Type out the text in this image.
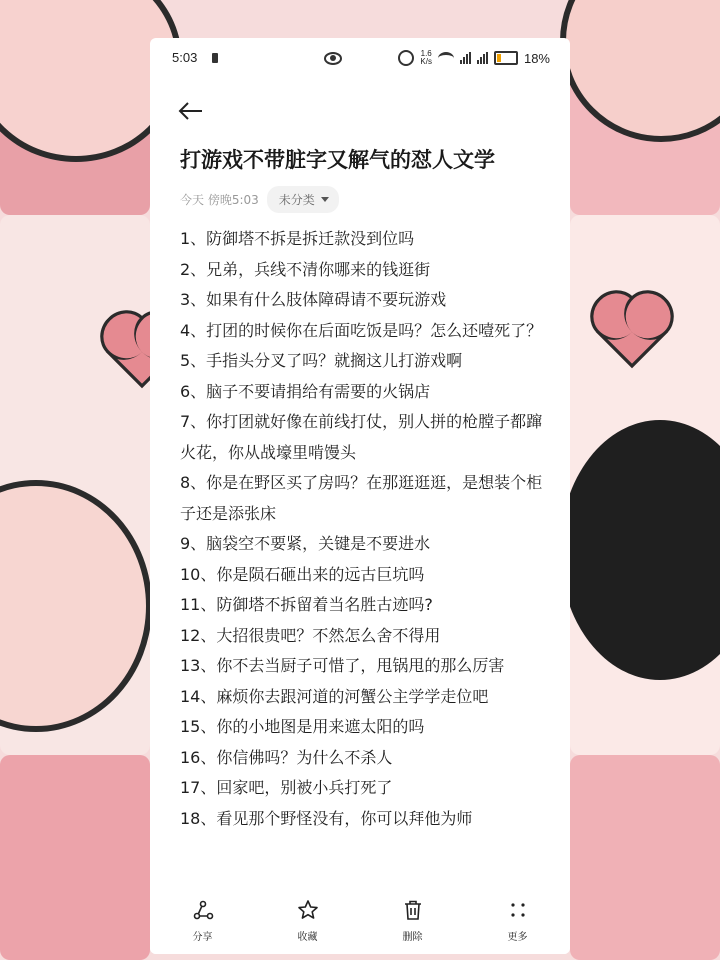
5:03	1.6
K/s	18%
打游戏不带脏字又解气的怼人文学
今天 傍晚5:03 未分类

1、防御塔不拆是拆迁款没到位吗

2、兄弟，兵线不清你哪来的钱逛街

3、如果有什么肢体障碍请不要玩游戏

4、打团的时候你在后面吃饭是吗？怎么还噎死了？

5、手指头分叉了吗？就搁这儿打游戏啊

6、脑子不要请捐给有需要的火锅店

7、你打团就好像在前线打仗，别人拼的枪膛子都蹿火花，你从战壕里啃馒头

8、你是在野区买了房吗？在那逛逛逛，是想装个柜子还是添张床

9、脑袋空不要紧，关键是不要进水

10、你是陨石砸出来的远古巨坑吗

11、防御塔不拆留着当名胜古迹吗?

12、大招很贵吧？不然怎么舍不得用

13、你不去当厨子可惜了，甩锅甩的那么厉害

14、麻烦你去跟河道的河蟹公主学学走位吧

15、你的小地图是用来遮太阳的吗

16、你信佛吗？为什么不杀人

17、回家吧，别被小兵打死了

18、看见那个野怪没有，你可以拜他为师

分享	收藏	删除	更多
